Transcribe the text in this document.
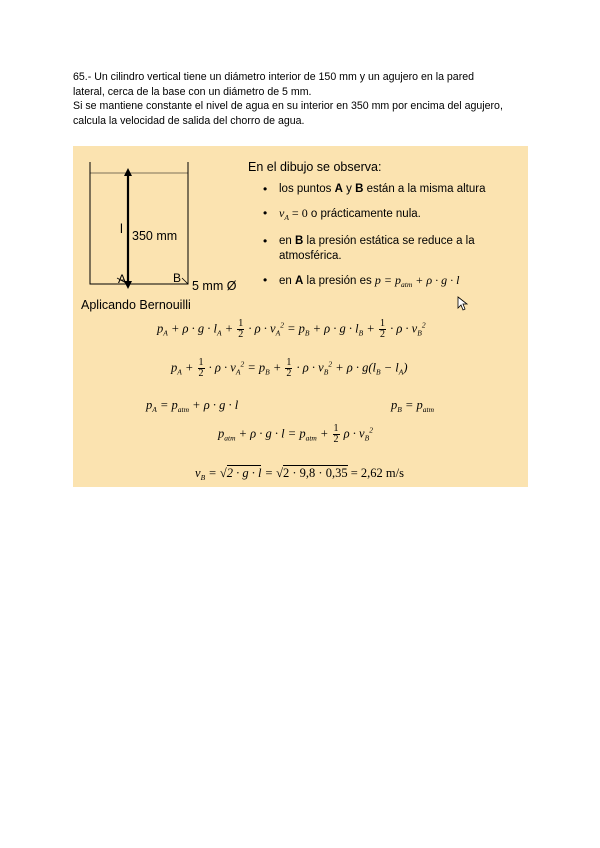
65.- Un cilindro vertical tiene un diámetro interior de 150 mm y un agujero en la pared

lateral, cerca de la base con un diámetro de 5 mm.

Si se mantiene constante el nivel de agua en su interior en 350 mm por encima del agujero,

calcula la velocidad de salida del chorro de agua.

l 350 mm
A	B
5 mm Ø
En el dibujo se observa:
• los puntos A y B están a la misma altura
• $v_A = 0$ o prácticamente nula.
• en B la presión estática se reduce a la atmosférica.
• en A la presión es $p = p_{atm} + \rho \cdot g \cdot l$
Aplicando Bernouilli
$p_A + \rho \cdot g \cdot l_A + \frac{1}{2} \cdot \rho \cdot v_A^2 = p_B + \rho \cdot g \cdot l_B + \frac{1}{2} \cdot \rho \cdot v_B^2$
$p_A + \frac{1}{2} \cdot \rho \cdot v_A^2 = p_B + \frac{1}{2} \cdot \rho \cdot v_B^2 + \rho \cdot g(l_B - l_A)$
$p_A = p_{atm} + \rho \cdot g \cdot l$	$p_B = p_{atm}$
$p_{atm} + \rho \cdot g \cdot l = p_{atm} + \frac{1}{2}$ $\rho \cdot v_B^2$
$v_B = √2 \cdot g \cdot l = √2 \cdot 9,8 \cdot 0,35 = 2,62$ m/s
